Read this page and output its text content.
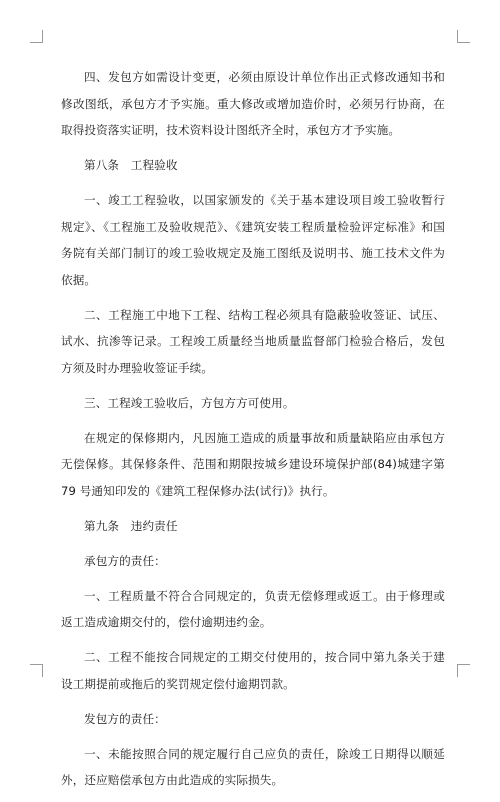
四、发包方如需设计变更，必须由原设计单位作出正式修改通知书和修改图纸，承包方才予实施。重大修改或增加造价时，必须另行协商，在取得投资落实证明，技术资料设计图纸齐全时，承包方才予实施。

第八条　工程验收

一、竣工工程验收，以国家颁发的《关于基本建设项目竣工验收暂行规定》、《工程施工及验收规范》、《建筑安装工程质量检验评定标准》和国务院有关部门制订的竣工验收规定及施工图纸及说明书、施工技术文件为依据。

二、工程施工中地下工程、结构工程必须具有隐蔽验收签证、试压、试水、抗渗等记录。工程竣工质量经当地质量监督部门检验合格后，发包方须及时办理验收签证手续。

三、工程竣工验收后，方包方方可使用。

在规定的保修期内，凡因施工造成的质量事故和质量缺陷应由承包方无偿保修。其保修条件、范围和期限按城乡建设环境保护部(84)城建字第 79 号通知印发的《建筑工程保修办法(试行)》执行。

第九条　违约责任

承包方的责任：

一、工程质量不符合合同规定的，负责无偿修理或返工。由于修理或返工造成逾期交付的，偿付逾期违约金。

二、工程不能按合同规定的工期交付使用的，按合同中第九条关于建设工期提前或拖后的奖罚规定偿付逾期罚款。

发包方的责任：

一、未能按照合同的规定履行自己应负的责任，除竣工日期得以顺延外，还应赔偿承包方由此造成的实际损失。
